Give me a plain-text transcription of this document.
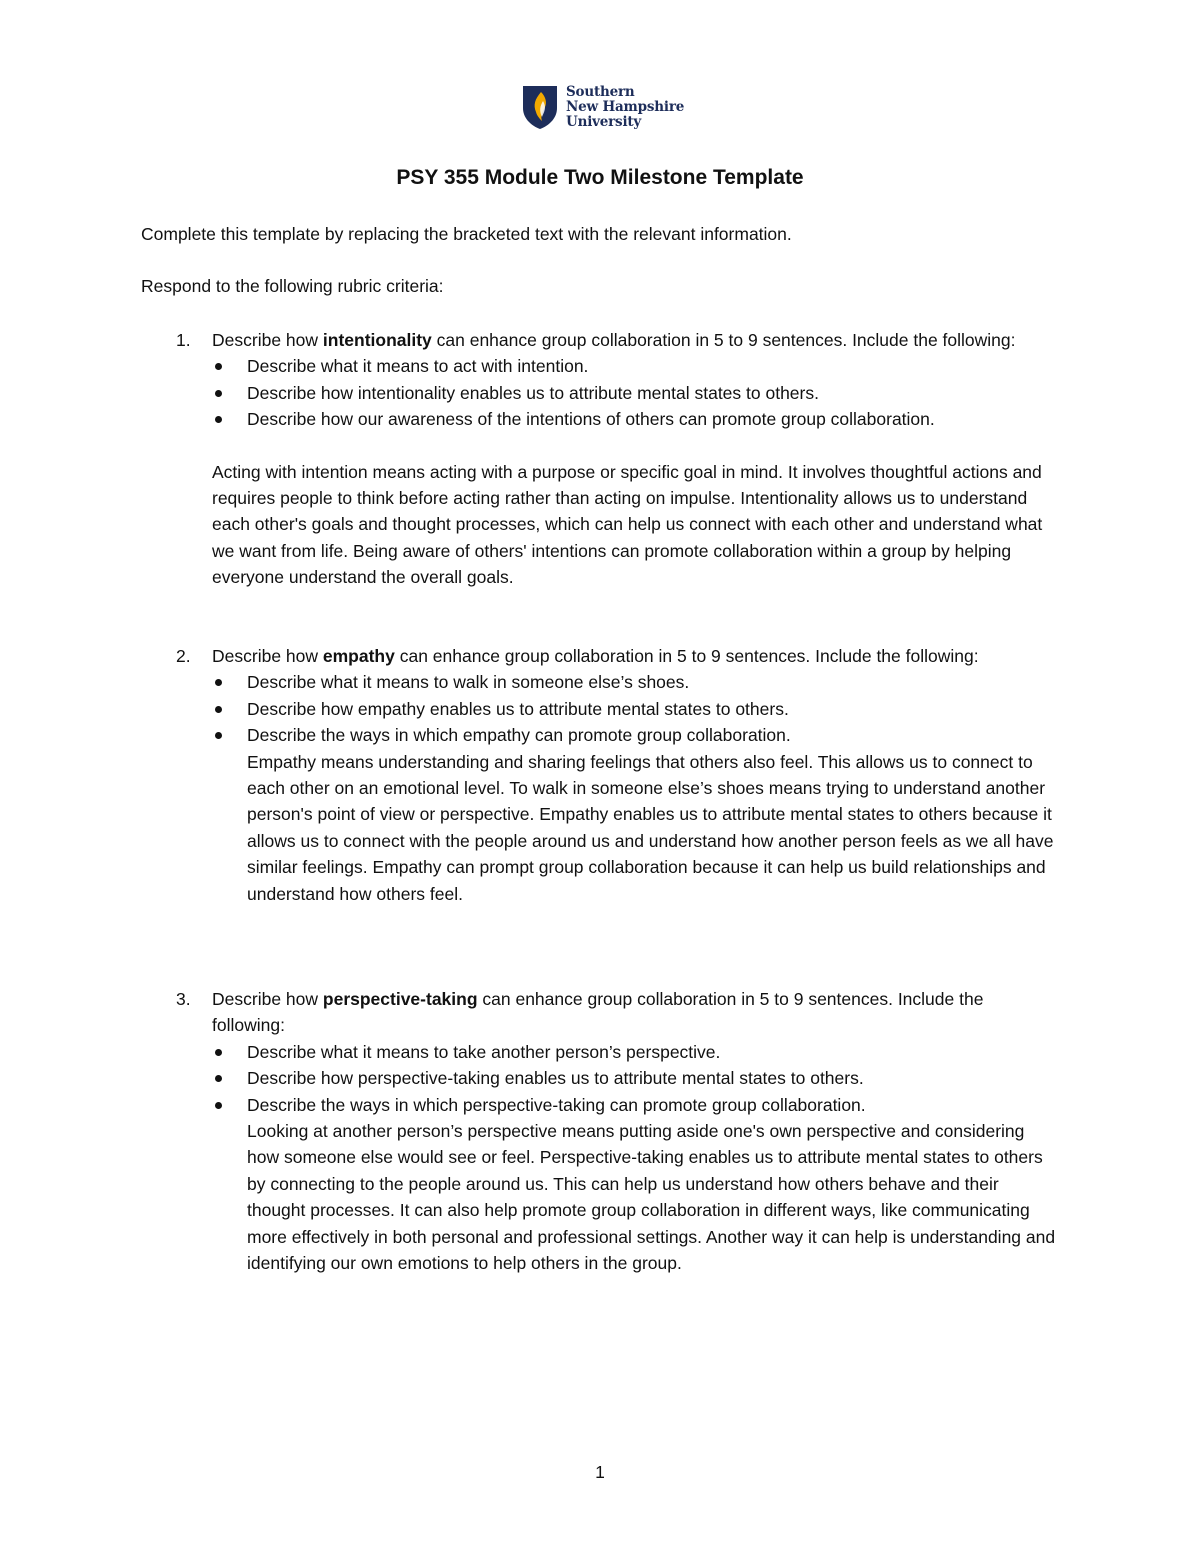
Southern
New Hampshire
University
PSY 355 Module Two Milestone Template
Complete this template by replacing the bracketed text with the relevant information.
Respond to the following rubric criteria:
1. Describe how intentionality can enhance group collaboration in 5 to 9 sentences. Include the following:
Describe what it means to act with intention.
Describe how intentionality enables us to attribute mental states to others.
Describe how our awareness of the intentions of others can promote group collaboration.
Acting with intention means acting with a purpose or specific goal in mind. It involves thoughtful actions and requires people to think before acting rather than acting on impulse. Intentionality allows us to understand each other's goals and thought processes, which can help us connect with each other and understand what we want from life. Being aware of others' intentions can promote collaboration within a group by helping everyone understand the overall goals.
2. Describe how empathy can enhance group collaboration in 5 to 9 sentences. Include the following:
Describe what it means to walk in someone else’s shoes.
Describe how empathy enables us to attribute mental states to others.
Describe the ways in which empathy can promote group collaboration.
Empathy means understanding and sharing feelings that others also feel. This allows us to connect to each other on an emotional level. To walk in someone else’s shoes means trying to understand another person's point of view or perspective. Empathy enables us to attribute mental states to others because it allows us to connect with the people around us and understand how another person feels as we all have similar feelings. Empathy can prompt group collaboration because it can help us build relationships and understand how others feel.
3. Describe how perspective-taking can enhance group collaboration in 5 to 9 sentences. Include the following:
Describe what it means to take another person’s perspective.
Describe how perspective-taking enables us to attribute mental states to others.
Describe the ways in which perspective-taking can promote group collaboration.
Looking at another person’s perspective means putting aside one's own perspective and considering how someone else would see or feel. Perspective-taking enables us to attribute mental states to others by connecting to the people around us. This can help us understand how others behave and their thought processes. It can also help promote group collaboration in different ways, like communicating more effectively in both personal and professional settings. Another way it can help is understanding and identifying our own emotions to help others in the group.
1
